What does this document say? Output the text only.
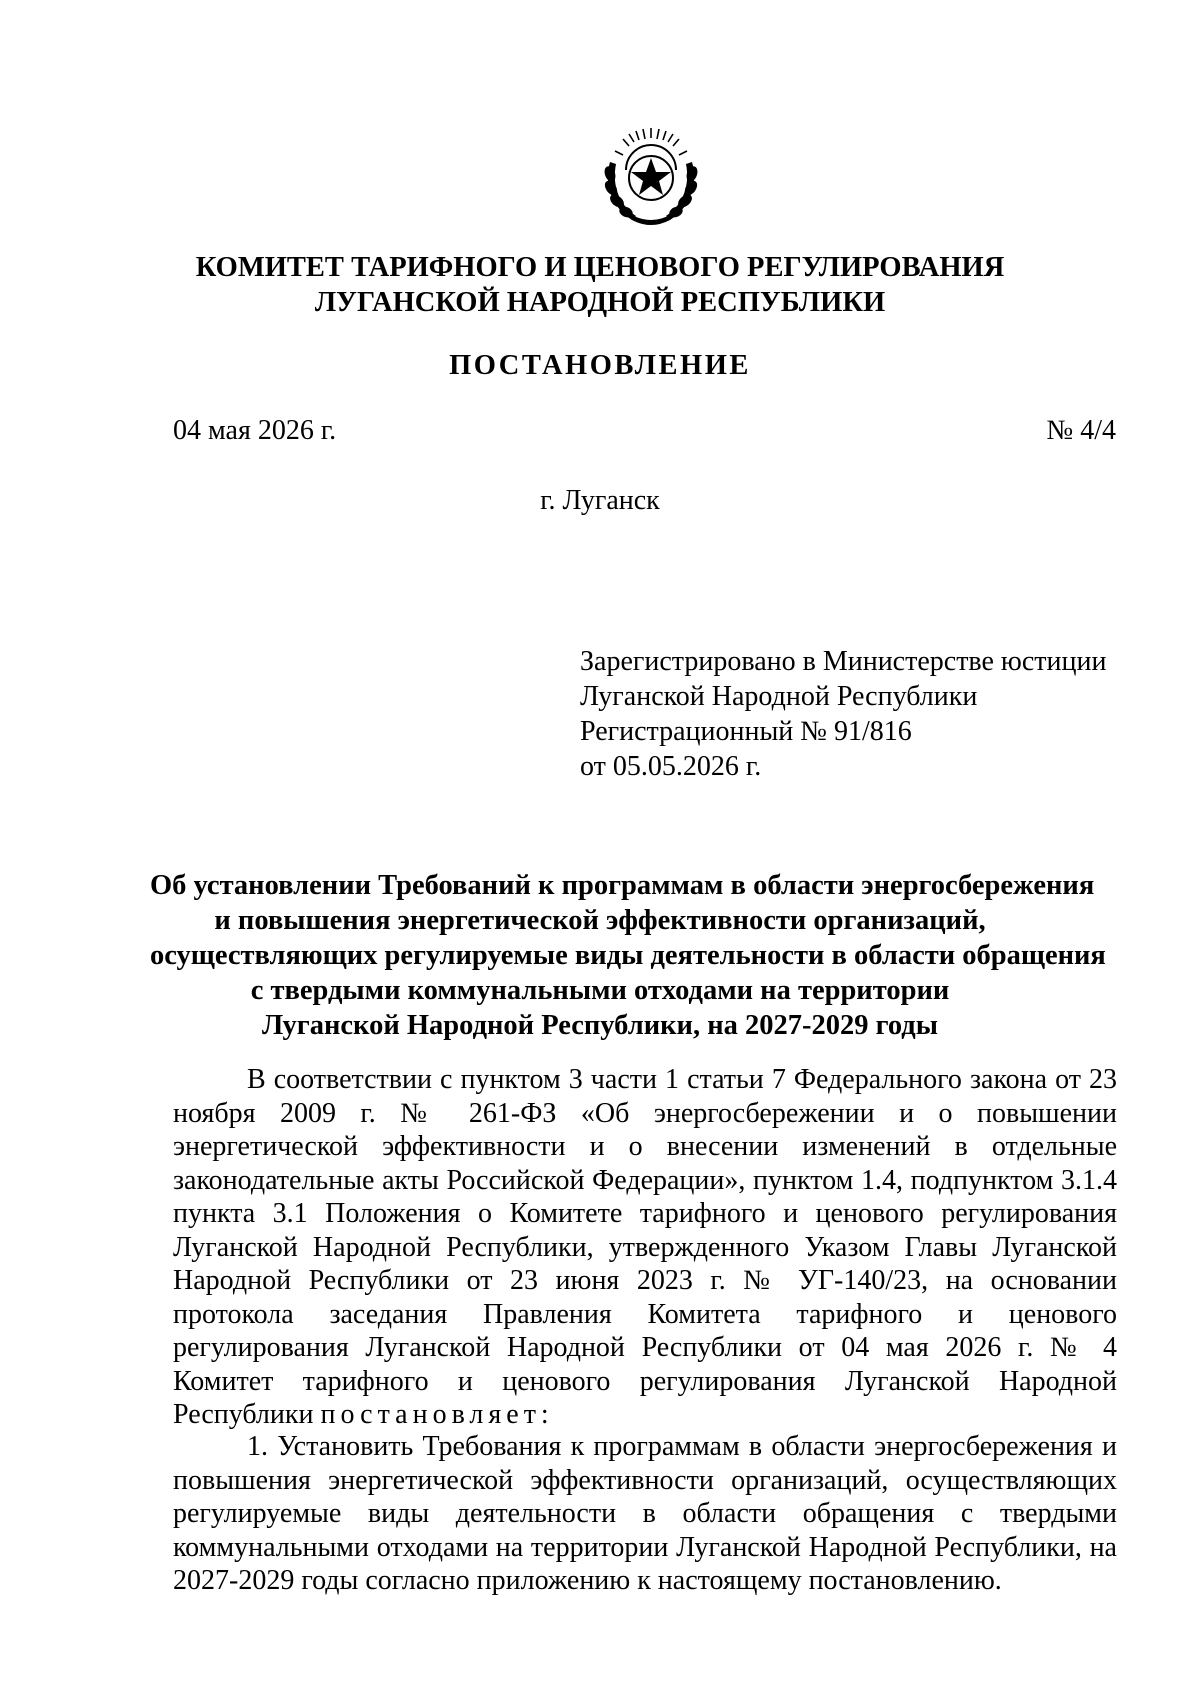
КОМИТЕТ ТАРИФНОГО И ЦЕНОВОГО РЕГУЛИРОВАНИЯ
ЛУГАНСКОЙ НАРОДНОЙ РЕСПУБЛИКИ
ПОСТАНОВЛЕНИЕ
04 мая 2026 г.	№ 4/4
г. Луганск
Зарегистрировано в Министерстве юстиции
Луганской Народной Республики
Регистрационный № 91/816
от 05.05.2026 г.
Об установлении Требований к программам в области энергосбережения
и повышения энергетической эффективности организаций,
осуществляющих регулируемые виды деятельности в области обращения
с твердыми коммунальными отходами на территории
Луганской Народной Республики, на 2027-2029 годы

В соответствии с пунктом 3 части 1 статьи 7 Федерального закона от 23 ноября 2009 г. № 261-ФЗ «Об энергосбережении и о повышении энергетической эффективности и о внесении изменений в отдельные законодательные акты Российской Федерации», пунктом 1.4, подпунктом 3.1.4 пункта 3.1 Положения о Комитете тарифного и ценового регулирования Луганской Народной Республики, утвержденного Указом Главы Луганской Народной Республики от 23 июня 2023 г. № УГ-140/23, на основании протокола заседания Правления Комитета тарифного и ценового регулирования Луганской Народной Республики от 04 мая 2026 г. № 4 Комитет тарифного и ценового регулирования Луганской Народной Республики постановляет:

1. Установить Требования к программам в области энергосбережения и повышения энергетической эффективности организаций, осуществляющих регулируемые виды деятельности в области обращения с твердыми коммунальными отходами на территории Луганской Народной Республики, на 2027-2029 годы согласно приложению к настоящему постановлению.
